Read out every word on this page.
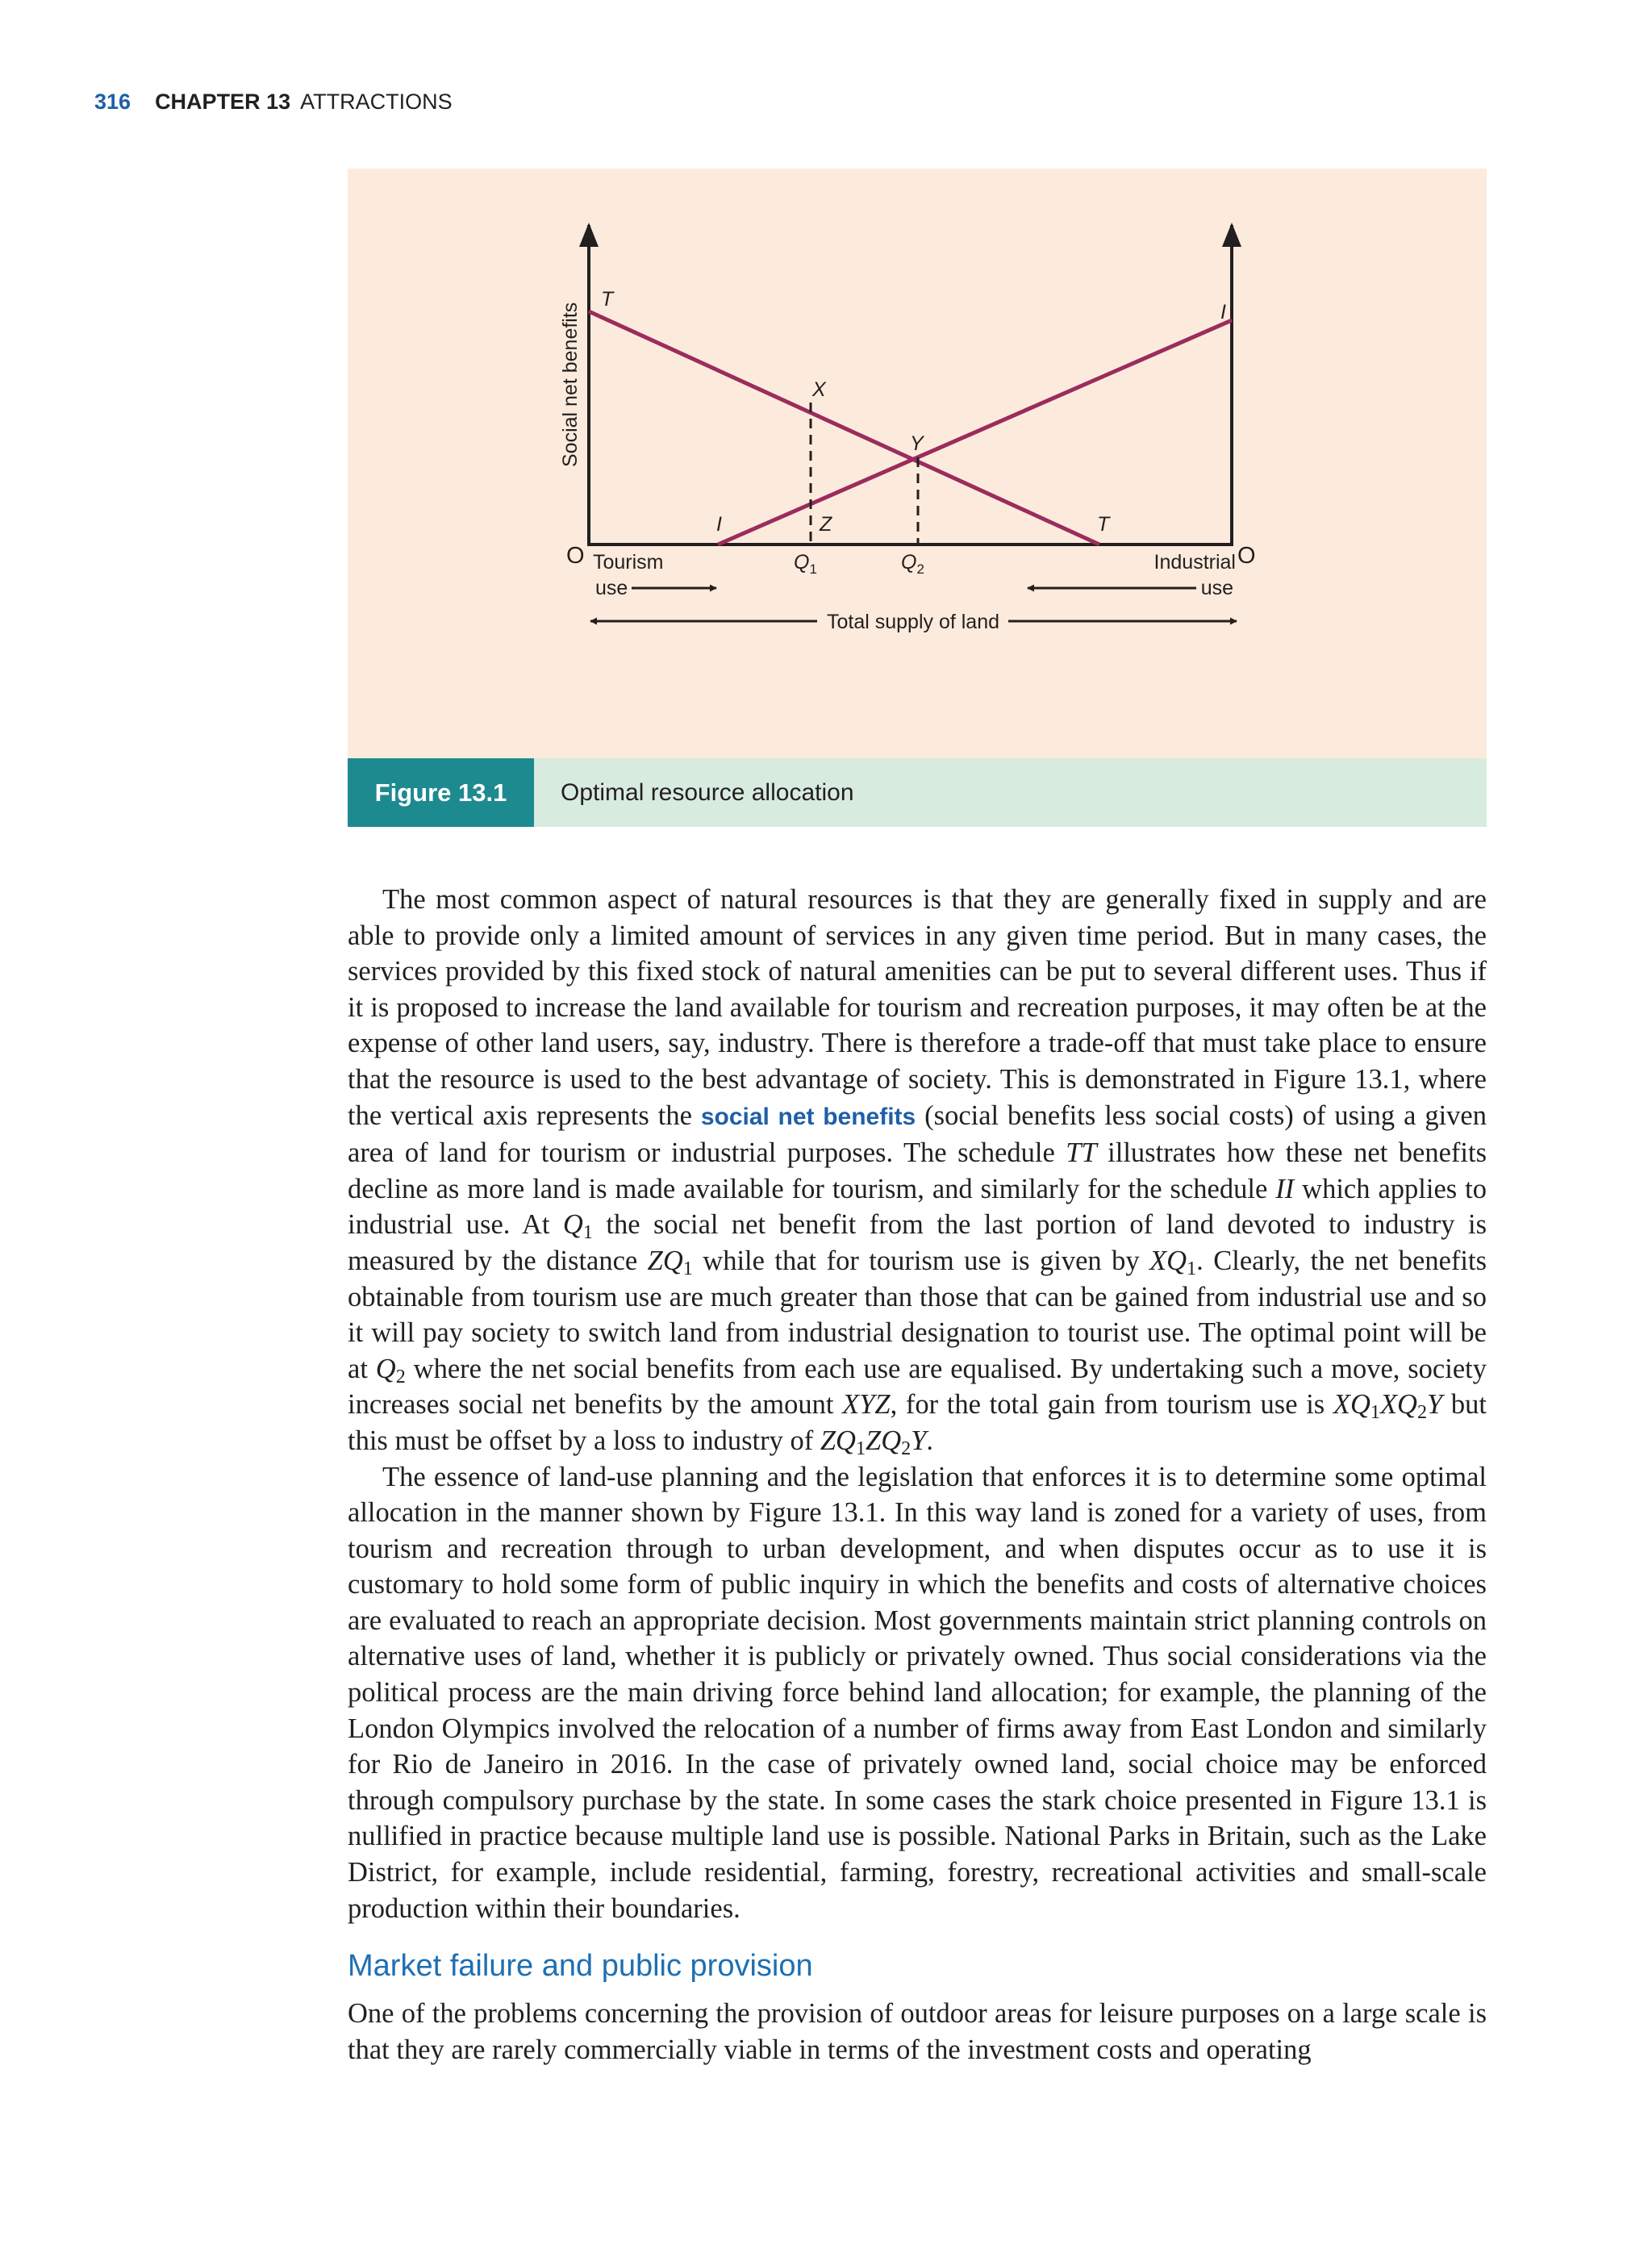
316 CHAPTER 13 ATTRACTIONS
Social net benefits
T
I
X
Y
Z
I	T
O	O
Tourism
use
Industrial
use
$Q_1$	$Q_2$
Total supply of land
Figure 13.1	Optimal resource allocation

The most common aspect of natural resources is that they are generally fixed in supply and are able to provide only a limited amount of services in any given time period. But in many cases, the services provided by this fixed stock of natural amenities can be put to several different uses. Thus if it is proposed to increase the land available for tourism and recreation purposes, it may often be at the expense of other land users, say, industry. There is therefore a trade-off that must take place to ensure that the resource is used to the best advantage of society. This is demonstrated in Figure 13.1, where the vertical axis represents the social net benefits (social benefits less social costs) of using a given area of land for tourism or industrial purposes. The schedule TT illustrates how these net benefits decline as more land is made available for tourism, and similarly for the schedule II which applies to industrial use. At $Q_1$ the social net benefit from the last portion of land devoted to industry is measured by the distance $ZQ_1$ while that for tourism use is given by $XQ_1$. Clearly, the net benefits obtainable from tourism use are much greater than those that can be gained from industrial use and so it will pay society to switch land from industrial designation to tourist use. The optimal point will be at $Q_2$ where the net social benefits from each use are equalised. By undertaking such a move, society increases social net benefits by the amount XYZ, for the total gain from tourism use is $XQ_1XQ_2Y$ but this must be offset by a loss to industry of $ZQ_1ZQ_2Y$.

The essence of land-use planning and the legislation that enforces it is to determine some optimal allocation in the manner shown by Figure 13.1. In this way land is zoned for a variety of uses, from tourism and recreation through to urban development, and when disputes occur as to use it is customary to hold some form of public inquiry in which the benefits and costs of alternative choices are evaluated to reach an appropriate decision. Most governments maintain strict planning controls on alternative uses of land, whether it is publicly or privately owned. Thus social considerations via the political process are the main driving force behind land allocation; for example, the planning of the London Olympics involved the relocation of a number of firms away from East London and similarly for Rio de Janeiro in 2016. In the case of privately owned land, social choice may be enforced through compulsory purchase by the state. In some cases the stark choice presented in Figure 13.1 is nullified in practice because multiple land use is possible. National Parks in Britain, such as the Lake District, for example, include residential, farming, forestry, recreational activities and small-scale production within their boundaries.

Market failure and public provision

One of the problems concerning the provision of outdoor areas for leisure purposes on a large scale is that they are rarely commercially viable in terms of the investment costs and operating
